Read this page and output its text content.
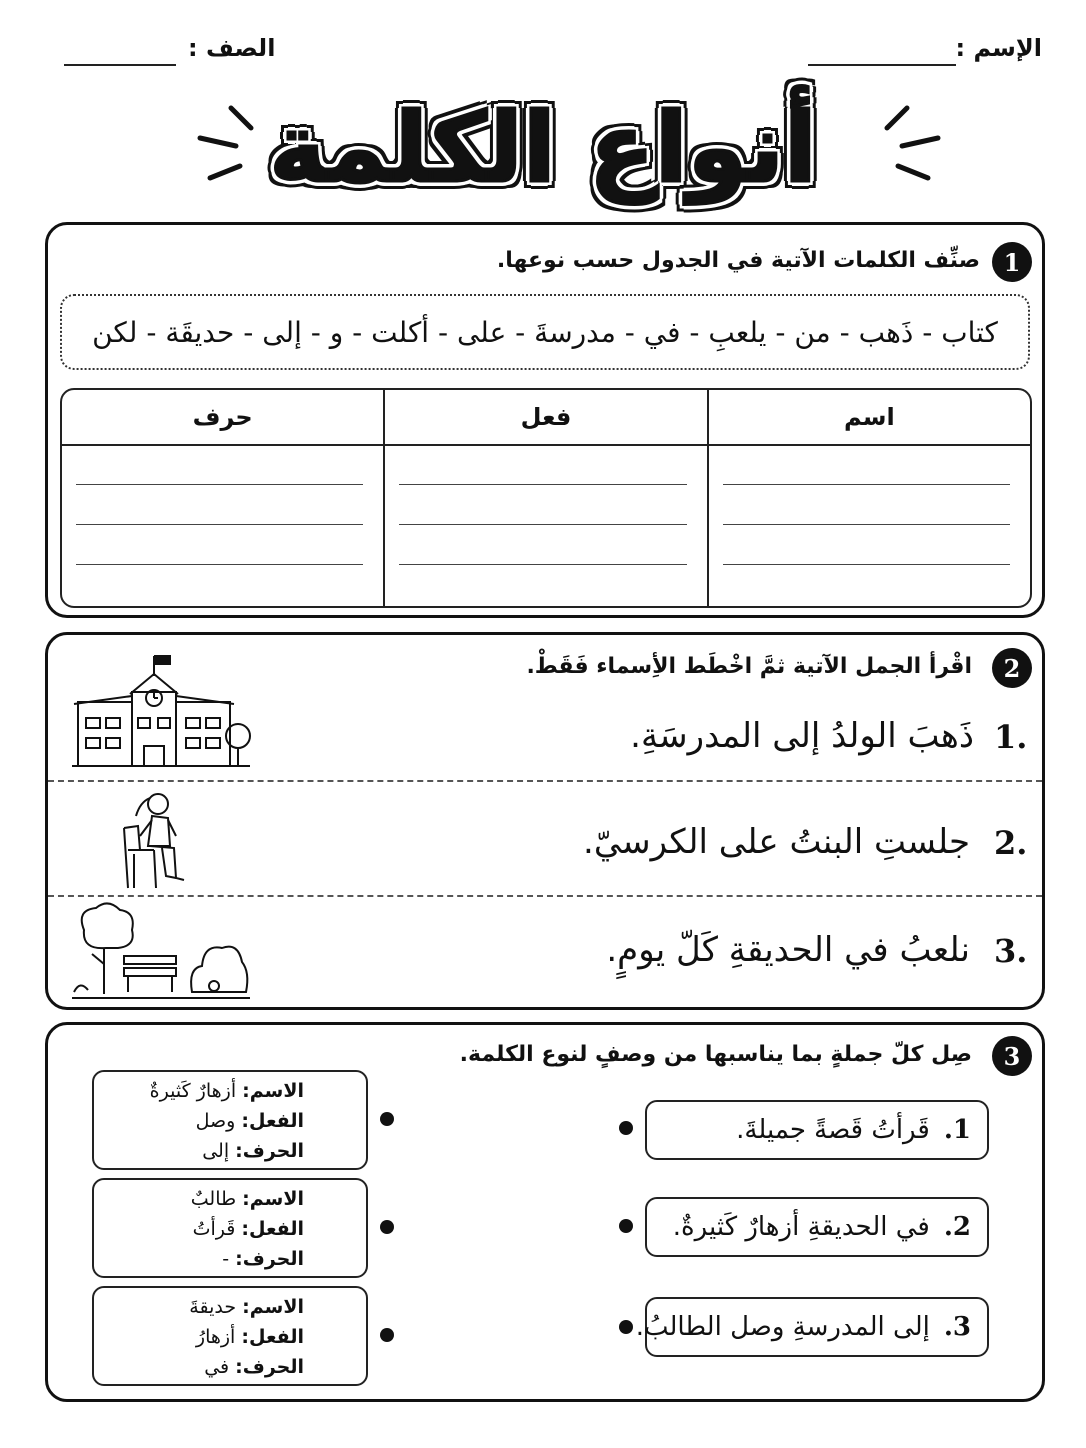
الإسم :
الصف :
أنواع الكلمة
1
صنِّف الكلمات الآتية في الجدول حسب نوعها.
كتاب - ذَهب - من - يلعبِ - في - مدرسةَ - على - أكلت - و - إلى - حديقَة - لكن
اسم
فعل
حرف
2
اقْرأ الجمل الآتية ثمَّ اخْطَط الأِسماء فَقَطْ.
1.
ذَهبَ الولدُ إلى المدرسَةِ.
2.
جلستِ البنتُ على الكرسيّ.
3.
نلعبُ في الحديقةِ كَلّ يومٍ.
3
صِل كلّ جملةٍ بما يناسبها من وصفٍ لنوع الكلمة.
1.
قَرأتُ قَصةً جميلةَ.
2.
في الحديقةِ أزهارٌ كَثيرةٌ.
3.
إلى المدرسةِ وصل الطالبُ.
الاسم: أزهارٌ كَثيرةٌ
الفعل: وصل
الحرف: إلى
الاسم: طالبٌ
الفعل: قَرأتُ
الحرف: -
الاسم: حديقةَ
الفعل: أزهارُ
الحرف: في
